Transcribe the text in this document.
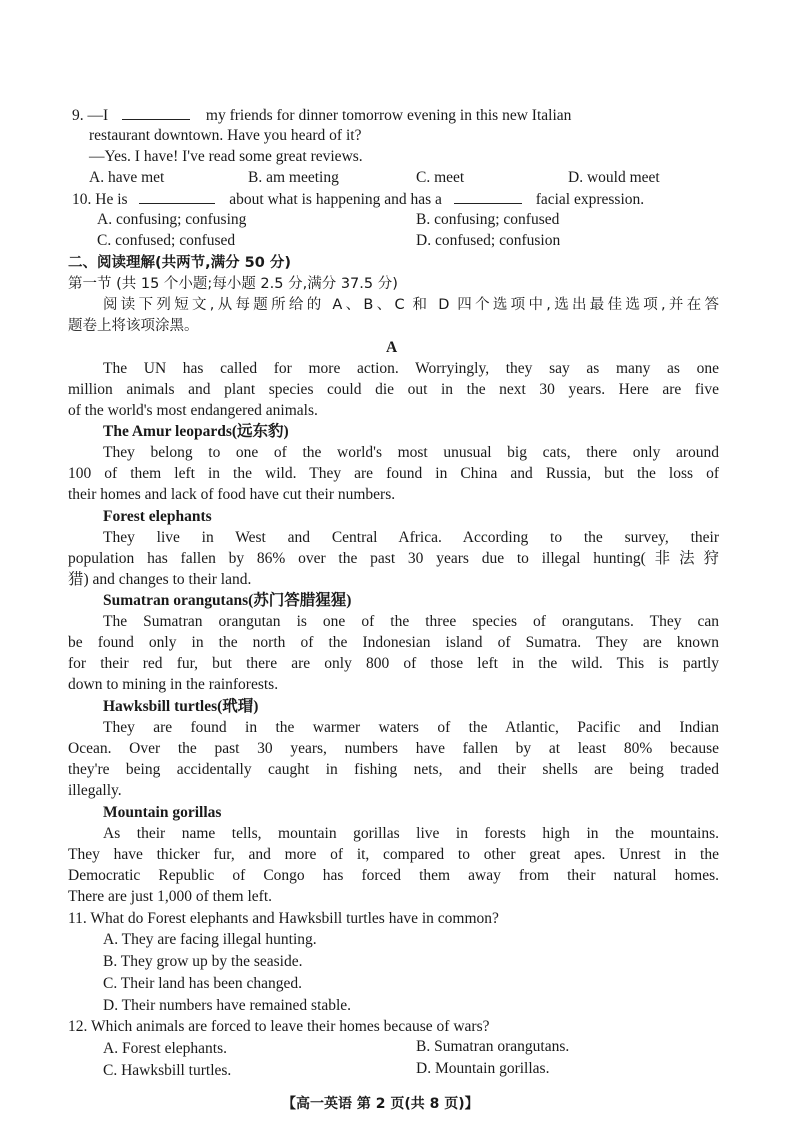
9. —I	my friends for dinner tomorrow evening in this new Italian
restaurant downtown. Have you heard of it?
—Yes. I have! I've read some great reviews.
A. have met	B. am meeting	C. meet	D. would meet
10. He is	about what is happening and has a	facial expression.
A. confusing; confusing	B. confusing; confused
C. confused; confused	D. confused; confusion
二、阅读理解(共两节,满分 50 分)
第一节 (共 15 个小题;每小题 2.5 分,满分 37.5 分)
阅读下列短文,从每题所给的 A、B、C 和 D 四个选项中,选出最佳选项,并在答
题卷上将该项涂黑。
A
The UN has called for more action. Worryingly, they say as many as one
million animals and plant species could die out in the next 30 years. Here are five
of the world's most endangered animals.
The Amur leopards(远东豹)
They belong to one of the world's most unusual big cats, there only around
100 of them left in the wild. They are found in China and Russia, but the loss of
their homes and lack of food have cut their numbers.
Forest elephants
They live in West and Central Africa. According to the survey, their
population has fallen by 86% over the past 30 years due to illegal hunting(非法狩
猎) and changes to their land.
Sumatran orangutans(苏门答腊猩猩)
The Sumatran orangutan is one of the three species of orangutans. They can
be found only in the north of the Indonesian island of Sumatra. They are known
for their red fur, but there are only 800 of those left in the wild. This is partly
down to mining in the rainforests.
Hawksbill turtles(玳瑁)
They are found in the warmer waters of the Atlantic, Pacific and Indian
Ocean. Over the past 30 years, numbers have fallen by at least 80% because
they're being accidentally caught in fishing nets, and their shells are being traded
illegally.
Mountain gorillas
As their name tells, mountain gorillas live in forests high in the mountains.
They have thicker fur, and more of it, compared to other great apes. Unrest in the
Democratic Republic of Congo has forced them away from their natural homes.
There are just 1,000 of them left.
11. What do Forest elephants and Hawksbill turtles have in common?
A. They are facing illegal hunting.
B. They grow up by the seaside.
C. Their land has been changed.
D. Their numbers have remained stable.
12. Which animals are forced to leave their homes because of wars?
A. Forest elephants.	B. Sumatran orangutans.
C. Hawksbill turtles.	D. Mountain gorillas.
【高一英语 第 2 页(共 8 页)】
